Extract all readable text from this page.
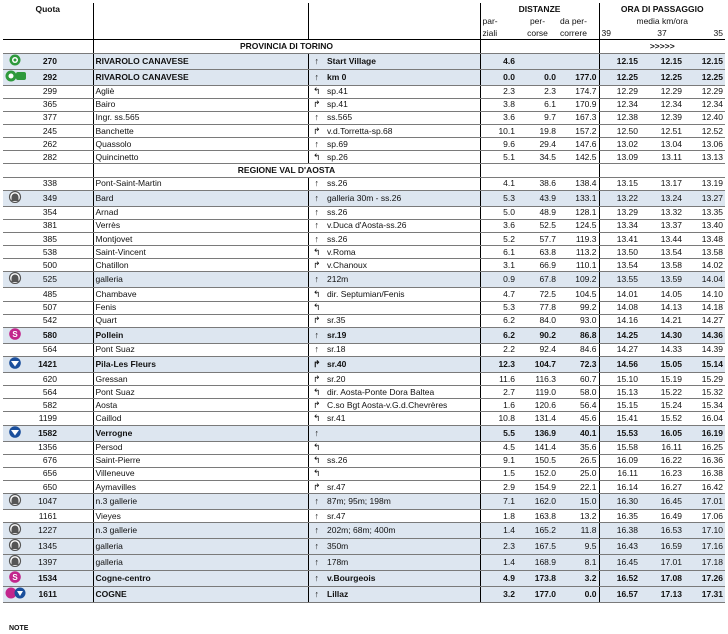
Quota							DISTANZE			ORA DI PASSAGGIO		
							par-	per-	da per-	media km/ora		
							ziali	corse	correre	39	37	35
			PROVINCIA DI TORINO							>>>>>		
	270		RIVAROLO CANAVESE		↑	Start Village	4.6			12.15	12.15	12.15
	292		RIVAROLO CANAVESE		↑	km 0	0.0	0.0	177.0	12.25	12.25	12.25
	299		Agliè		↰	sp.41	2.3	2.3	174.7	12.29	12.29	12.29
	365		Bairo		↱	sp.41	3.8	6.1	170.9	12.34	12.34	12.34
	377		Ingr. ss.565		↑	ss.565	3.6	9.7	167.3	12.38	12.39	12.40
	245		Banchette		↱	v.d.Torretta-sp.68	10.1	19.8	157.2	12.50	12.51	12.52
	262		Quassolo		↑	sp.69	9.6	29.4	147.6	13.02	13.04	13.06
	282		Quincinetto		↰	sp.26	5.1	34.5	142.5	13.09	13.11	13.13
			REGIONE VAL D'AOSTA									
	338		Pont-Saint-Martin		↑	ss.26	4.1	38.6	138.4	13.15	13.17	13.19
	349		Bard		↑	galleria 30m - ss.26	5.3	43.9	133.1	13.22	13.24	13.27
	354		Arnad		↑	ss.26	5.0	48.9	128.1	13.29	13.32	13.35
	381		Verrès		↑	v.Duca d'Aosta-ss.26	3.6	52.5	124.5	13.34	13.37	13.40
	385		Montjovet		↑	ss.26	5.2	57.7	119.3	13.41	13.44	13.48
	538		Saint-Vincent		↰	v.Roma	6.1	63.8	113.2	13.50	13.54	13.58
	500		Chatillon		↱	v.Chanoux	3.1	66.9	110.1	13.54	13.58	14.02
	525		galleria		↑	212m	0.9	67.8	109.2	13.55	13.59	14.04
	485		Chambave		↰	dir. Septumian/Fenis	4.7	72.5	104.5	14.01	14.05	14.10
	507		Fenis		↰		5.3	77.8	99.2	14.08	14.13	14.18
	542		Quart		↱	sr.35	6.2	84.0	93.0	14.16	14.21	14.27

S	580		Pollein		↑	sr.19	6.2	90.2	86.8	14.25	14.30	14.36
	564		Pont Suaz		↑	sr.18	2.2	92.4	84.6	14.27	14.33	14.39
	1421		Pila-Les Fleurs		↱	sr.40	12.3	104.7	72.3	14.56	15.05	15.14
	620		Gressan		↱	sr.20	11.6	116.3	60.7	15.10	15.19	15.29
	564		Pont Suaz		↰	dir. Aosta-Ponte Dora Baltea	2.7	119.0	58.0	15.13	15.22	15.32
	582		Aosta		↱	C.so Bgt Aosta-v.G.d.Chevrères	1.6	120.6	56.4	15.15	15.24	15.34
	1199		Caillod		↰	sr.41	10.8	131.4	45.6	15.41	15.52	16.04
	1582		Verrogne		↑		5.5	136.9	40.1	15.53	16.05	16.19
	1356		Persod		↰		4.5	141.4	35.6	15.58	16.11	16.25
	676		Saint-Pierre		↰	ss.26	9.1	150.5	26.5	16.09	16.22	16.36
	656		Villeneuve		↰		1.5	152.0	25.0	16.11	16.23	16.38
	650		Aymavilles		↱	sr.47	2.9	154.9	22.1	16.14	16.27	16.42
	1047		n.3 gallerie		↑	87m; 95m; 198m	7.1	162.0	15.0	16.30	16.45	17.01
	1161		Vieyes		↑	sr.47	1.8	163.8	13.2	16.35	16.49	17.06
	1227		n.3 gallerie		↑	202m; 68m; 400m	1.4	165.2	11.8	16.38	16.53	17.10
	1345		galleria		↑	350m	2.3	167.5	9.5	16.43	16.59	17.16
	1397		galleria		↑	178m	1.4	168.9	8.1	16.45	17.01	17.18

S	1534		Cogne-centro		↑	v.Bourgeois	4.9	173.8	3.2	16.52	17.08	17.26
	1611		COGNE		↑	Lillaz	3.2	177.0	0.0	16.57	17.13	17.31
NOTE
